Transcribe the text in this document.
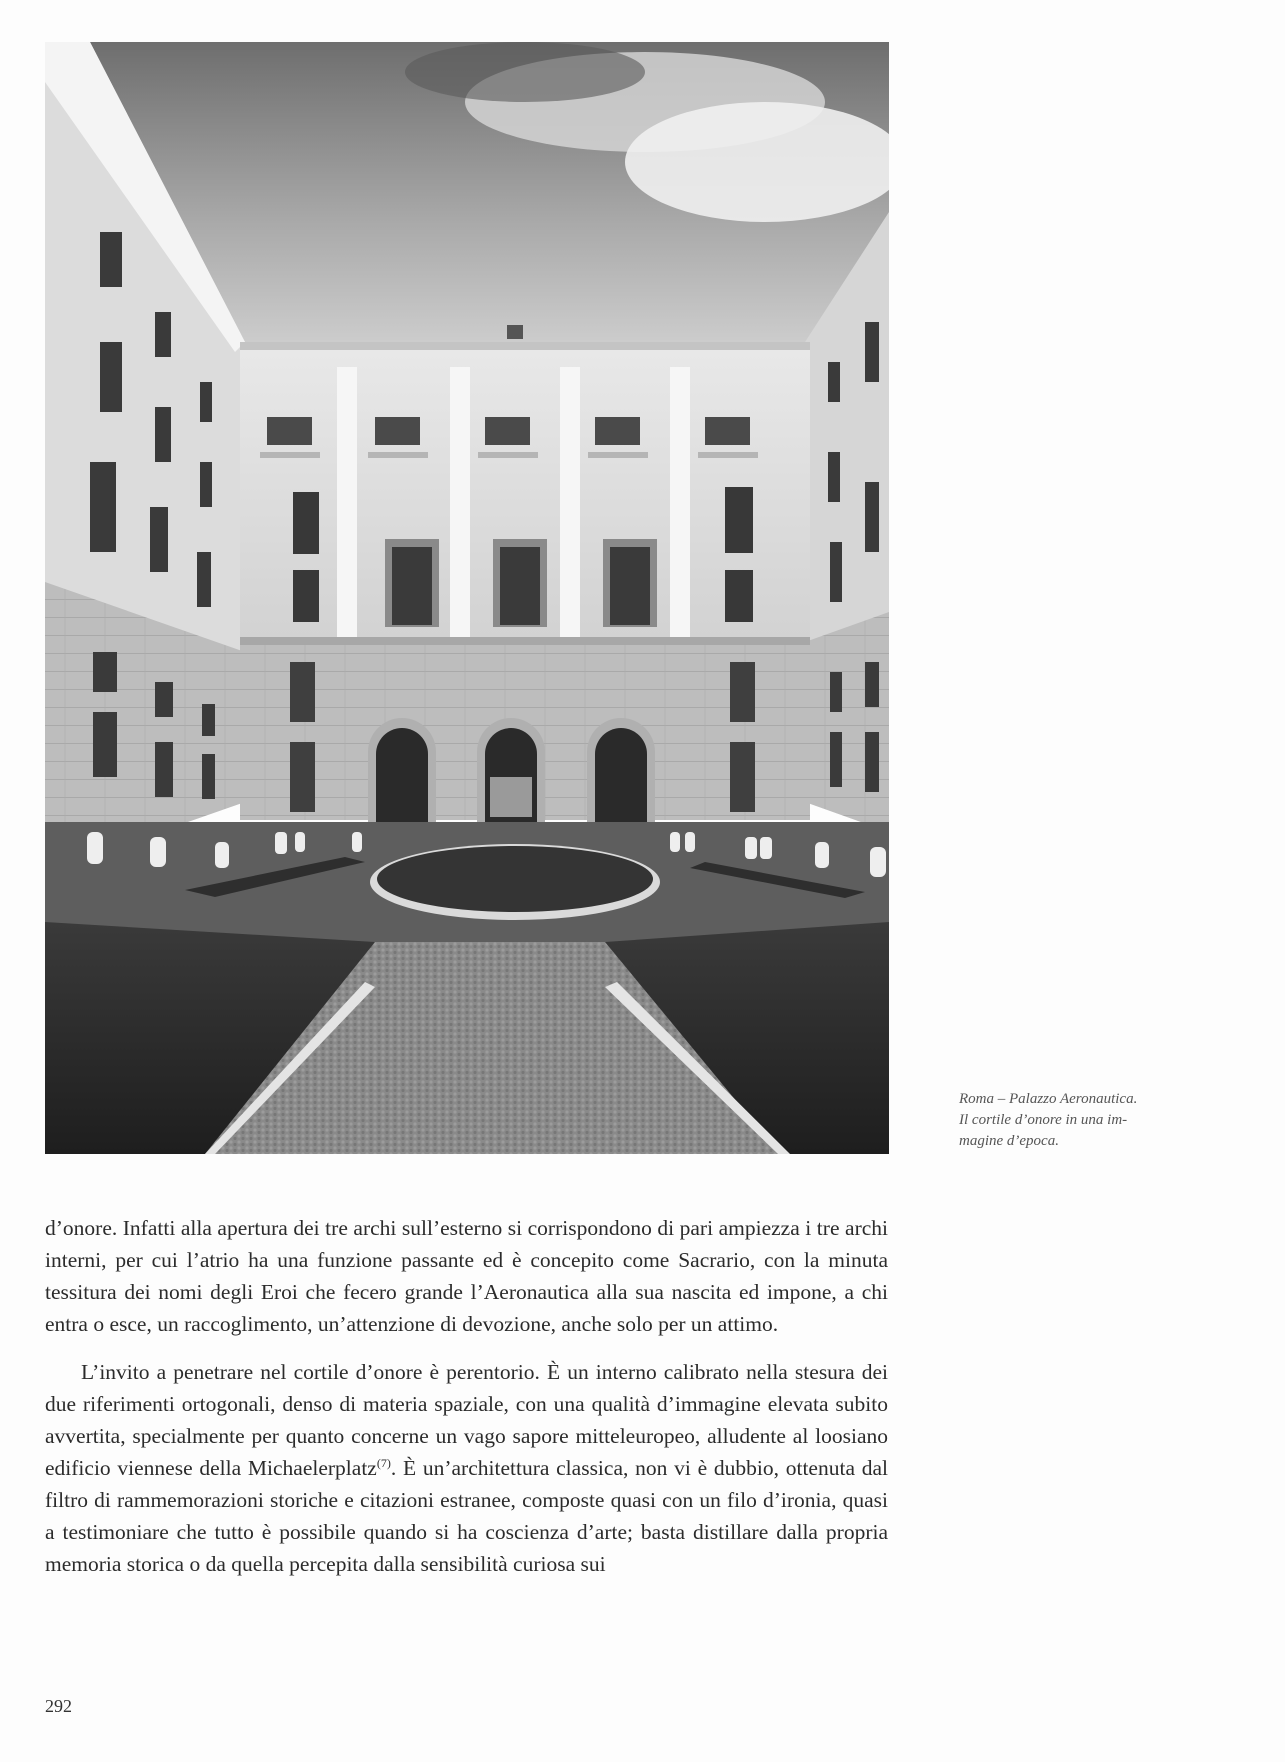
Roma – Palazzo Aeronautica.
Il cortile d’onore in una im-
magine d’epoca.

d’onore. Infatti alla apertura dei tre archi sull’esterno si corrispondono di pari ampiezza i tre archi interni, per cui l’atrio ha una funzione passante ed è concepito come Sacrario, con la minuta tessitura dei nomi degli Eroi che fecero grande l’Aeronautica alla sua nascita ed impone, a chi entra o esce, un raccoglimento, un’attenzione di devozione, anche solo per un attimo.

L’invito a penetrare nel cortile d’onore è perentorio. È un interno calibrato nella stesura dei due riferimenti ortogonali, denso di materia spaziale, con una qualità d’immagine elevata subito avvertita, specialmente per quanto concerne un vago sapore mitteleuropeo, alludente al loosiano edificio viennese della Michaelerplatz$^{(7)}$. È un’architettura classica, non vi è dubbio, ottenuta dal filtro di rammemorazioni storiche e citazioni estranee, composte quasi con un filo d’ironia, quasi a testimoniare che tutto è possibile quando si ha coscienza d’arte; basta distillare dalla propria memoria storica o da quella percepita dalla sensibilità curiosa sui

292
